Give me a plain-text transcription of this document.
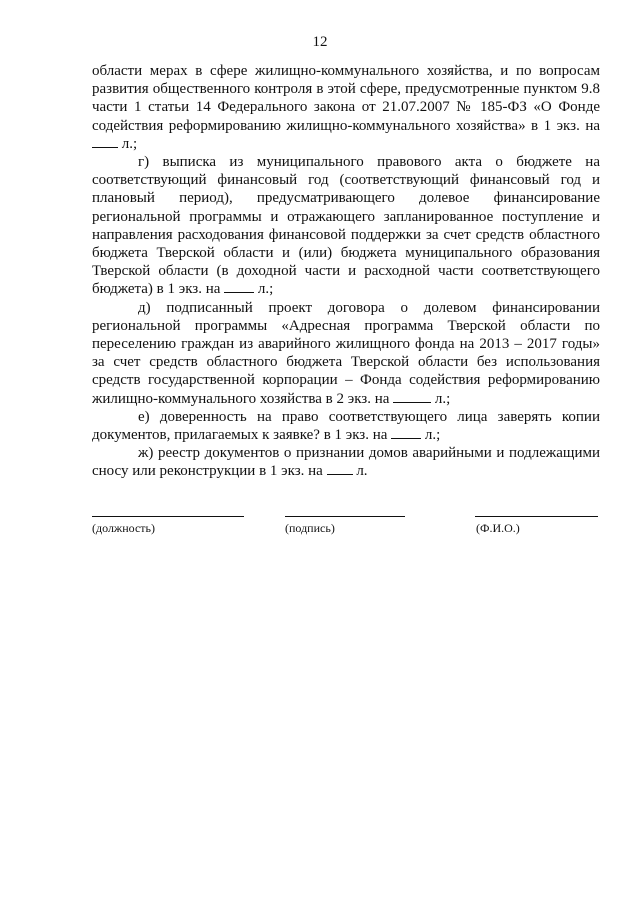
12

области мерах в сфере жилищно-коммунального хозяйства, и по вопросам развития общественного контроля в этой сфере, предусмотренные пунктом 9.8 части 1 статьи 14 Федерального закона от 21.07.2007 № 185-ФЗ «О Фонде содействия реформированию жилищно-коммунального хозяйства» в 1 экз. на  л.;

г) выписка из муниципального правового акта о бюджете на соответствующий финансовый год (соответствующий финансовый год и плановый период), предусматривающего долевое финансирование региональной программы и отражающего запланированное поступление и направления расходования финансовой поддержки за счет средств областного бюджета Тверской области и (или) бюджета муниципального образования Тверской области (в доходной части и расходной части соответствующего бюджета) в 1 экз. на  л.;

д) подписанный проект договора о долевом финансировании региональной программы «Адресная программа Тверской области по переселению граждан из аварийного жилищного фонда на 2013 – 2017 годы» за счет средств областного бюджета Тверской области без использования средств государственной корпорации – Фонда содействия реформированию жилищно-коммунального хозяйства в 2 экз. на	л.;

е) доверенность на право соответствующего лица заверять копии документов, прилагаемых к заявке? в 1 экз. на  л.;

ж) реестр документов о признании домов аварийными и подлежащими сносу или реконструкции в 1 экз. на  л.

(должность)	(подпись)	(Ф.И.О.)
